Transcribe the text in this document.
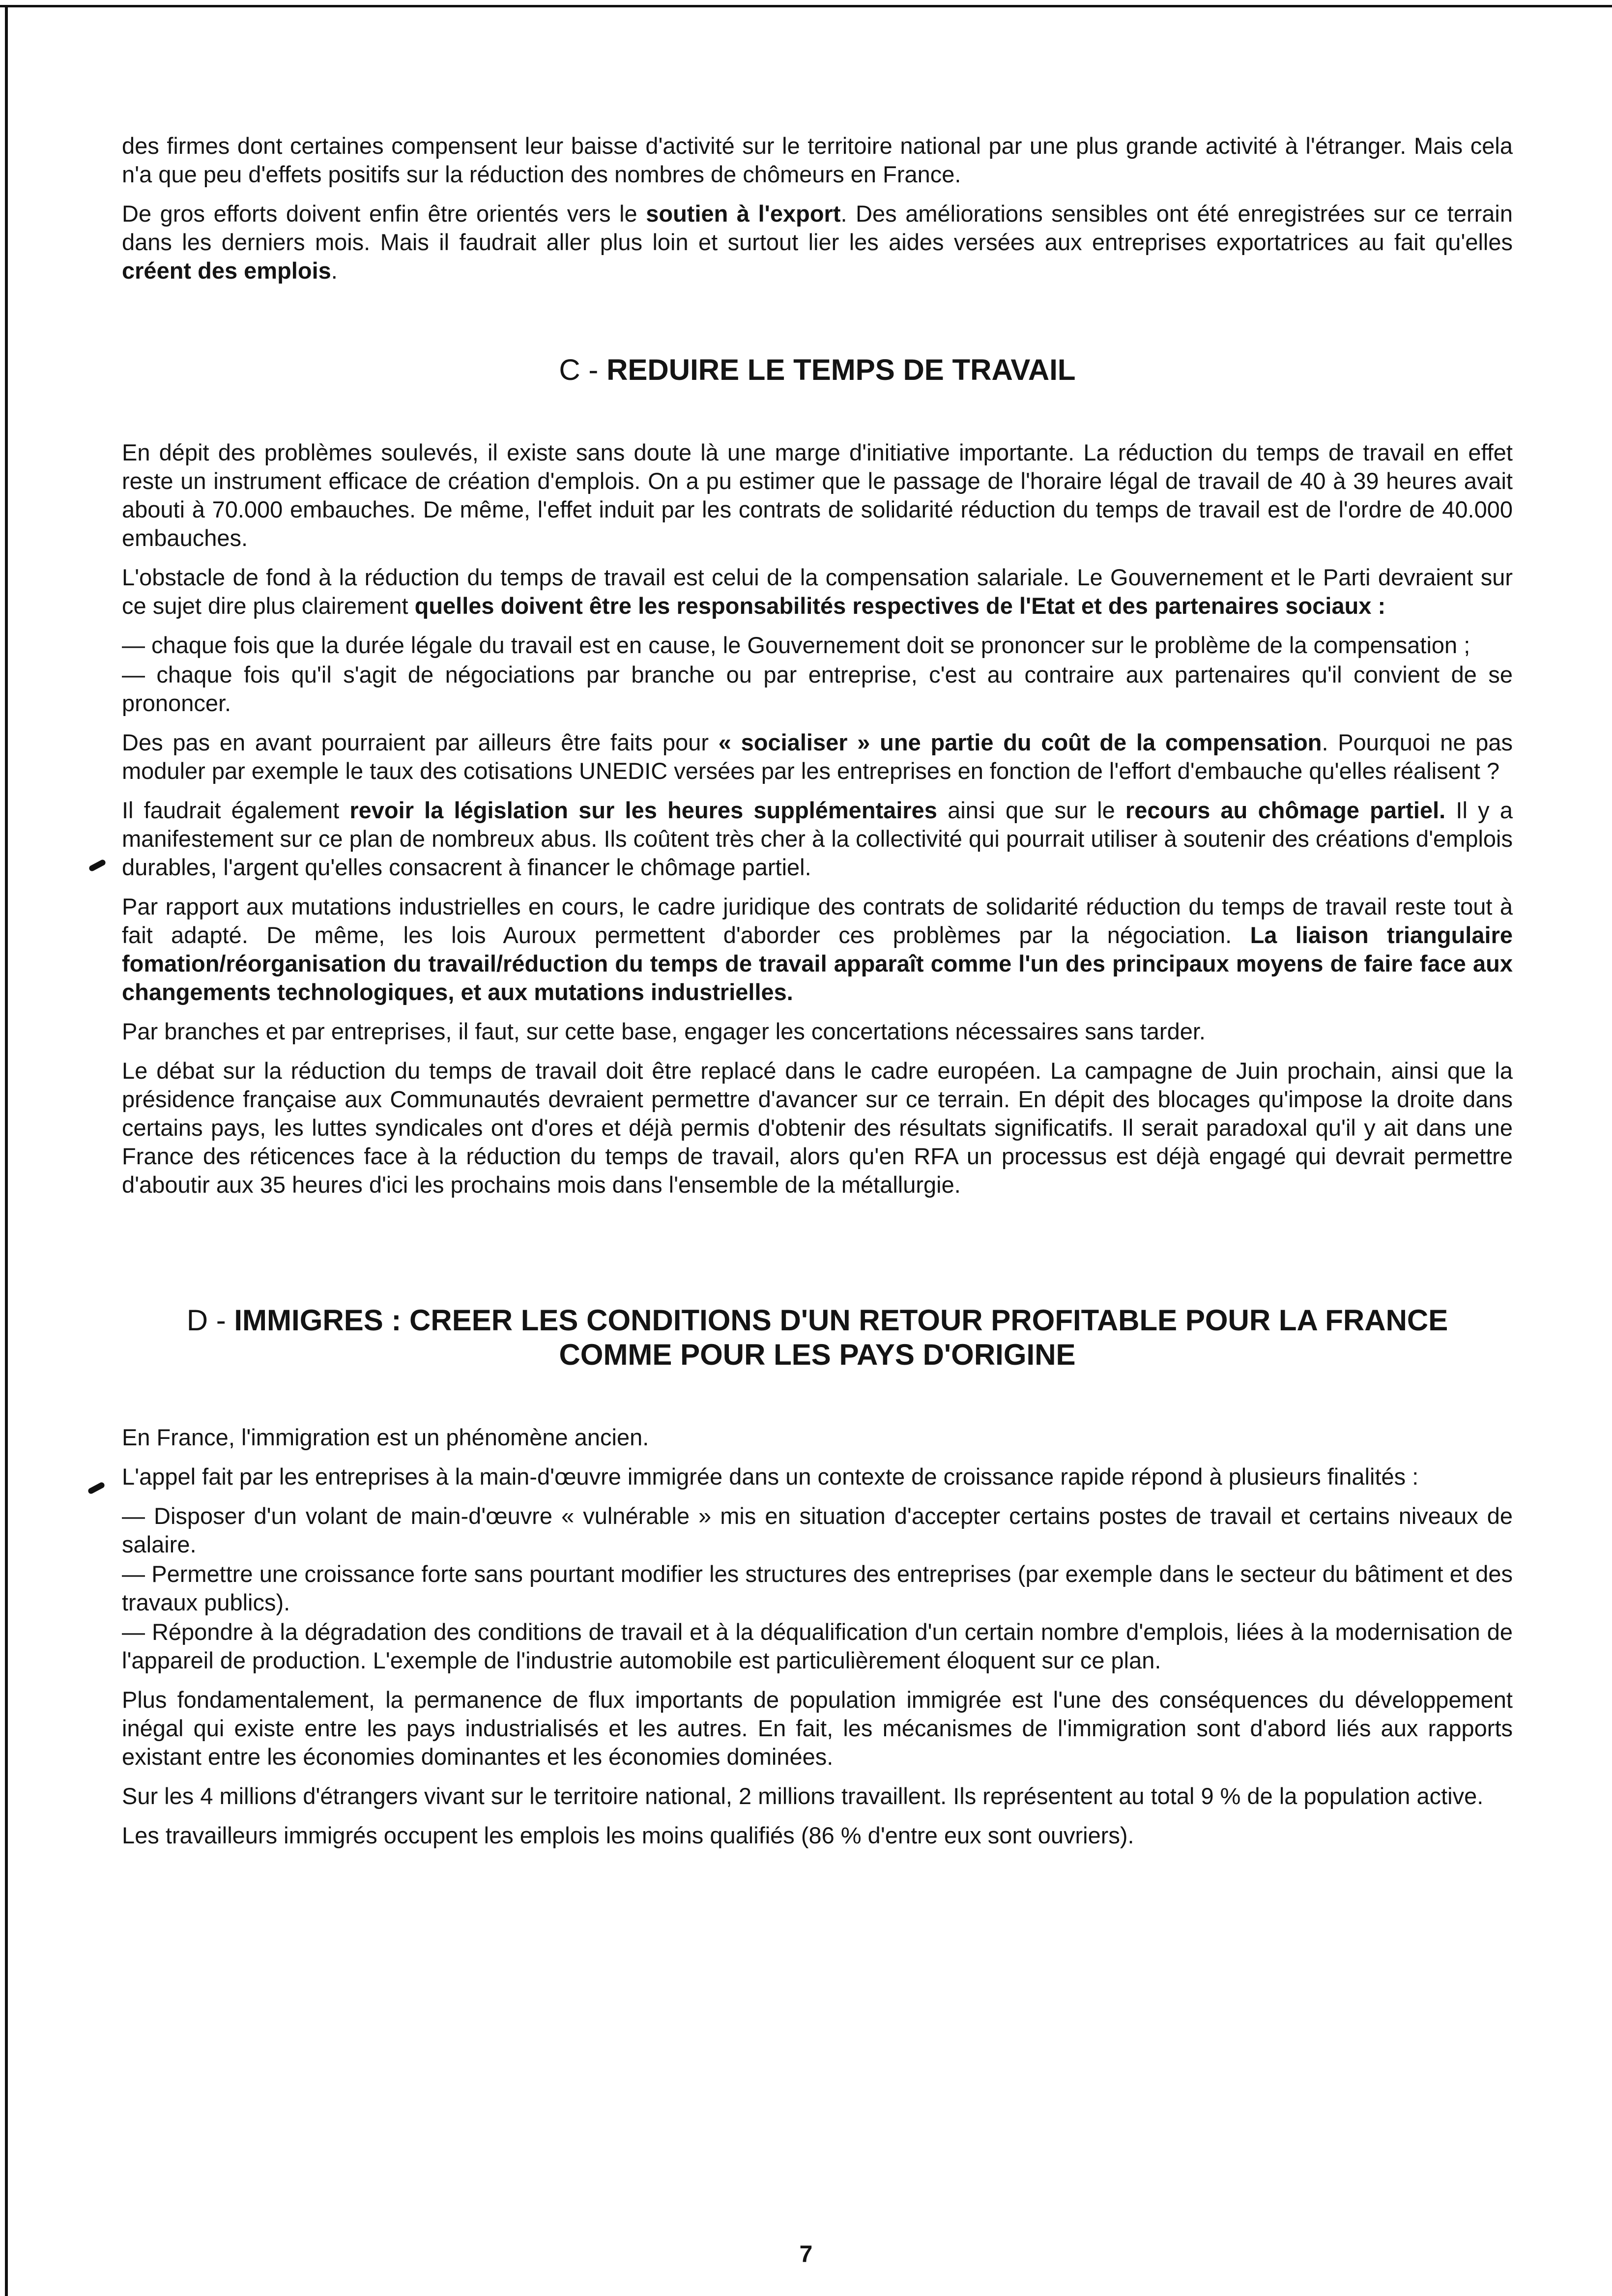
des firmes dont certaines compensent leur baisse d'activité sur le territoire national par une plus grande activité à l'étranger. Mais cela n'a que peu d'effets positifs sur la réduction des nombres de chômeurs en France.

De gros efforts doivent enfin être orientés vers le soutien à l'export. Des améliorations sensibles ont été enregistrées sur ce terrain dans les derniers mois. Mais il faudrait aller plus loin et surtout lier les aides versées aux entreprises exportatrices au fait qu'elles créent des emplois.

C - REDUIRE LE TEMPS DE TRAVAIL

En dépit des problèmes soulevés, il existe sans doute là une marge d'initiative importante. La réduction du temps de travail en effet reste un instrument efficace de création d'emplois. On a pu estimer que le passage de l'horaire légal de travail de 40 à 39 heures avait abouti à 70.000 embauches. De même, l'effet induit par les contrats de solidarité réduction du temps de travail est de l'ordre de 40.000 embauches.

L'obstacle de fond à la réduction du temps de travail est celui de la compensation salariale. Le Gouvernement et le Parti devraient sur ce sujet dire plus clairement quelles doivent être les responsabilités respectives de l'Etat et des partenaires sociaux :

— chaque fois que la durée légale du travail est en cause, le Gouvernement doit se prononcer sur le problème de la compensation ;

— chaque fois qu'il s'agit de négociations par branche ou par entreprise, c'est au contraire aux partenaires qu'il convient de se prononcer.

Des pas en avant pourraient par ailleurs être faits pour « socialiser » une partie du coût de la compensation. Pourquoi ne pas moduler par exemple le taux des cotisations UNEDIC versées par les entreprises en fonction de l'effort d'embauche qu'elles réalisent ?

Il faudrait également revoir la législation sur les heures supplémentaires ainsi que sur le recours au chômage partiel. Il y a manifestement sur ce plan de nombreux abus. Ils coûtent très cher à la collectivité qui pourrait utiliser à soutenir des créations d'emplois durables, l'argent qu'elles consacrent à financer le chômage partiel.

Par rapport aux mutations industrielles en cours, le cadre juridique des contrats de solidarité réduction du temps de travail reste tout à fait adapté. De même, les lois Auroux permettent d'aborder ces problèmes par la négociation. La liaison triangulaire fomation/réorganisation du travail/réduction du temps de travail apparaît comme l'un des principaux moyens de faire face aux changements technologiques, et aux mutations industrielles.

Par branches et par entreprises, il faut, sur cette base, engager les concertations nécessaires sans tarder.

Le débat sur la réduction du temps de travail doit être replacé dans le cadre européen. La campagne de Juin prochain, ainsi que la présidence française aux Communautés devraient permettre d'avancer sur ce terrain. En dépit des blocages qu'impose la droite dans certains pays, les luttes syndicales ont d'ores et déjà permis d'obtenir des résultats significatifs. Il serait paradoxal qu'il y ait dans une France des réticences face à la réduction du temps de travail, alors qu'en RFA un processus est déjà engagé qui devrait permettre d'aboutir aux 35 heures d'ici les prochains mois dans l'ensemble de la métallurgie.

D - IMMIGRES : CREER LES CONDITIONS D'UN RETOUR PROFITABLE POUR LA FRANCE
COMME POUR LES PAYS D'ORIGINE

En France, l'immigration est un phénomène ancien.

L'appel fait par les entreprises à la main-d'œuvre immigrée dans un contexte de croissance rapide répond à plusieurs finalités :

— Disposer d'un volant de main-d'œuvre « vulnérable » mis en situation d'accepter certains postes de travail et certains niveaux de salaire.

— Permettre une croissance forte sans pourtant modifier les structures des entreprises (par exemple dans le secteur du bâtiment et des travaux publics).

— Répondre à la dégradation des conditions de travail et à la déqualification d'un certain nombre d'emplois, liées à la modernisation de l'appareil de production. L'exemple de l'industrie automobile est particulièrement éloquent sur ce plan.

Plus fondamentalement, la permanence de flux importants de population immigrée est l'une des conséquences du développement inégal qui existe entre les pays industrialisés et les autres. En fait, les mécanismes de l'immigration sont d'abord liés aux rapports existant entre les économies dominantes et les économies dominées.

Sur les 4 millions d'étrangers vivant sur le territoire national, 2 millions travaillent. Ils représentent au total 9 % de la population active.

Les travailleurs immigrés occupent les emplois les moins qualifiés (86 % d'entre eux sont ouvriers).

7
